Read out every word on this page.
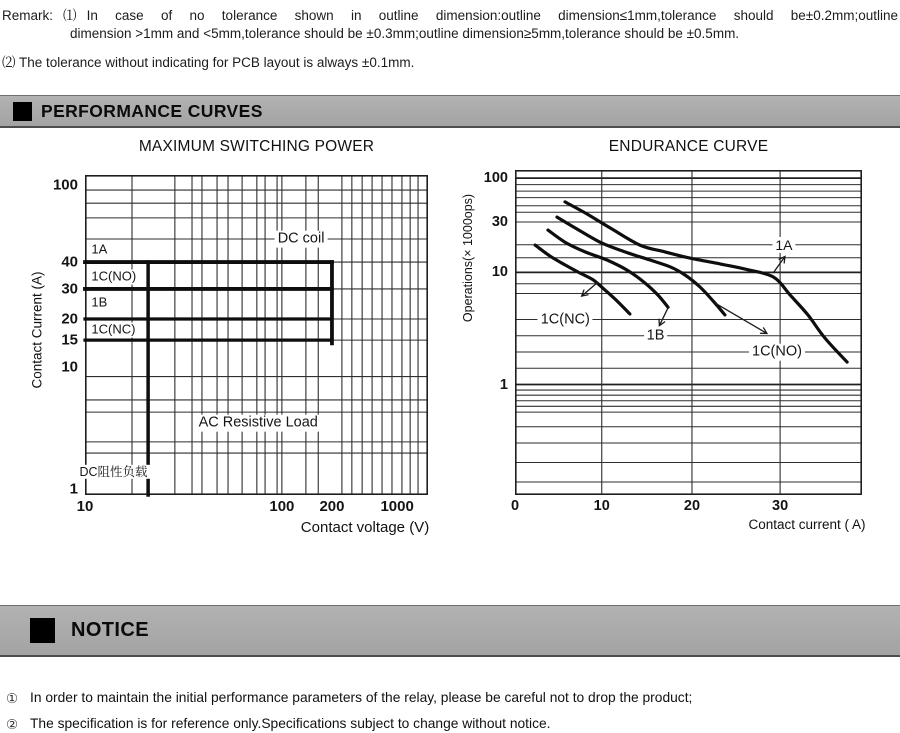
Remark:⑴In case of no tolerance shown in outline dimension:outline dimension≤1mm,tolerance should be±0.2mm;outline
dimension >1mm and <5mm,tolerance should be ±0.3mm;outline dimension≥5mm,tolerance should be ±0.5mm.
⑵ The tolerance without indicating for PCB layout is always ±0.1mm.
PERFORMANCE CURVES
MAXIMUM SWITCHING POWER	ENDURANCE CURVE
Contact Current (A)
Contact voltage (V)
1A
1C(NO)
1B
1C(NC)
DC coil
AC Resistive Load
DC阻性负载
10	100 200 1000
100
40
30
20
15
10
1
Operations(× 1000ops)
Contact current ( A)
1C(NC)
1B
1A
1C(NO)
0	10	20	30
100
30
10
1
NOTICE
① In order to maintain the initial performance parameters of the relay, please be careful not to drop the product;
② The specification is for reference only.Specifications subject to change without notice.
